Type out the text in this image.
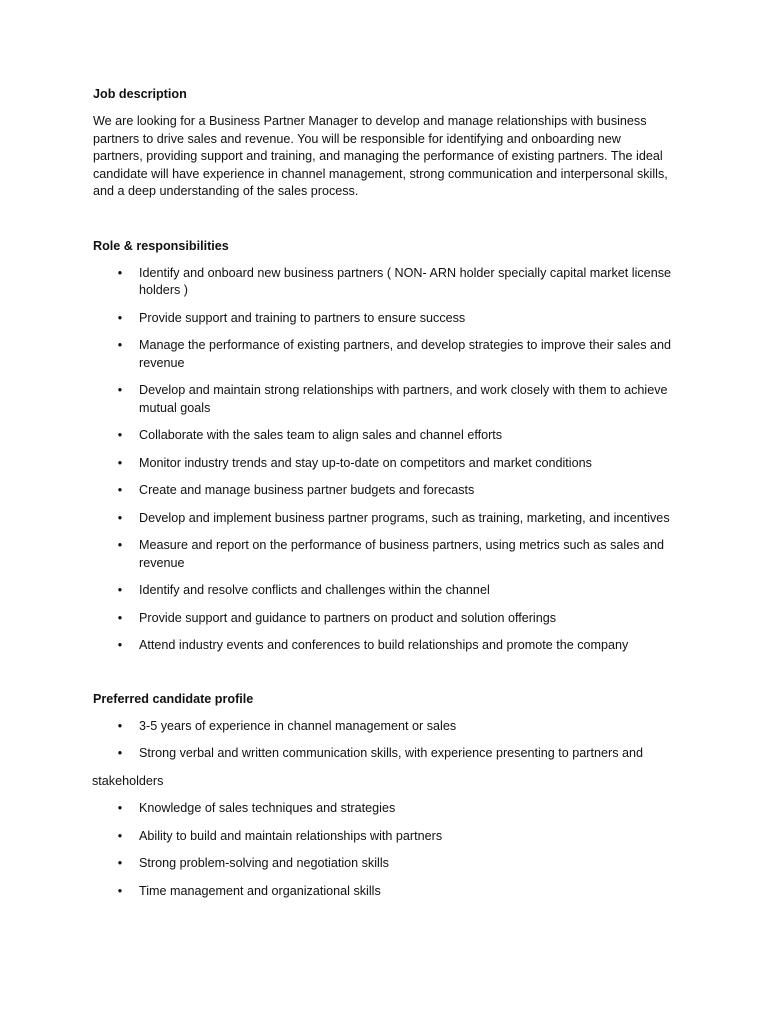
Job description

We are looking for a Business Partner Manager to develop and manage relationships with business partners to drive sales and revenue. You will be responsible for identifying and onboarding new partners, providing support and training, and managing the performance of existing partners. The ideal candidate will have experience in channel management, strong communication and interpersonal skills, and a deep understanding of the sales process.

Role & responsibilities

• Identify and onboard new business partners ( NON- ARN holder specially capital market license holders )
• Provide support and training to partners to ensure success
• Manage the performance of existing partners, and develop strategies to improve their sales and revenue
• Develop and maintain strong relationships with partners, and work closely with them to achieve mutual goals
• Collaborate with the sales team to align sales and channel efforts
• Monitor industry trends and stay up-to-date on competitors and market conditions
• Create and manage business partner budgets and forecasts
• Develop and implement business partner programs, such as training, marketing, and incentives
• Measure and report on the performance of business partners, using metrics such as sales and revenue
• Identify and resolve conflicts and challenges within the channel
• Provide support and guidance to partners on product and solution offerings
• Attend industry events and conferences to build relationships and promote the company

Preferred candidate profile

• 3-5 years of experience in channel management or sales
• Strong verbal and written communication skills, with experience presenting to partners and
stakeholders
• Knowledge of sales techniques and strategies
• Ability to build and maintain relationships with partners
• Strong problem-solving and negotiation skills
• Time management and organizational skills
